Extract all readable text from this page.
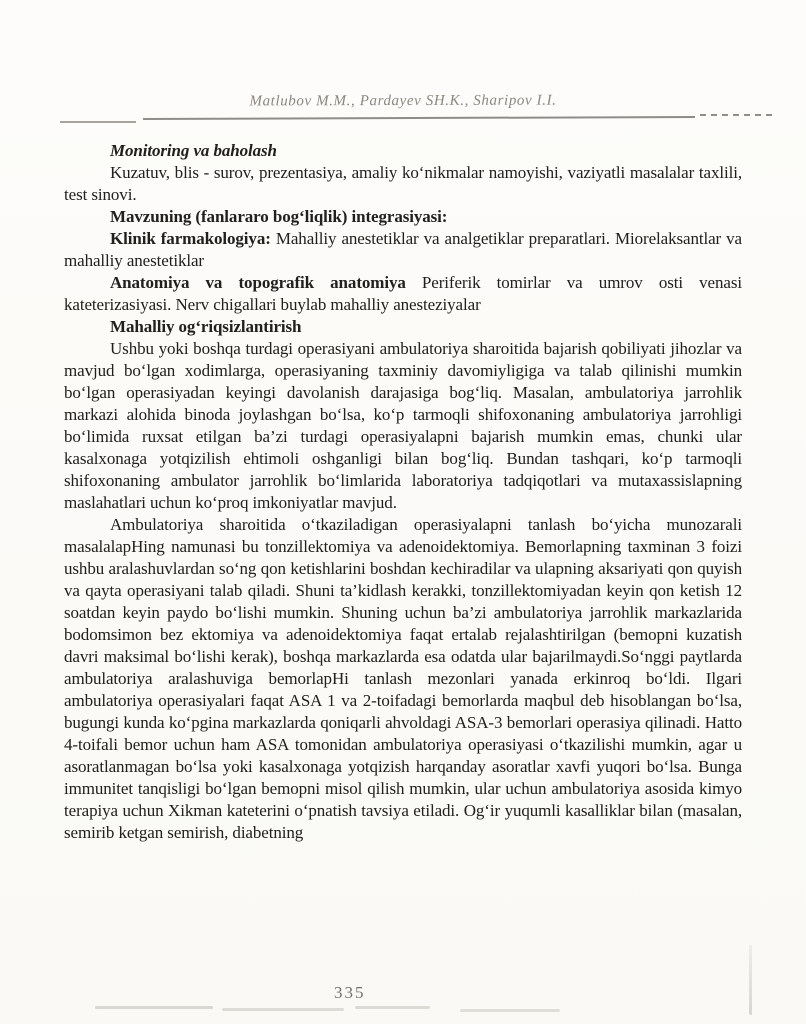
Matlubov M.M., Pardayev SH.K., Sharipov I.I.

Monitoring va baholash

Kuzatuv, blis - surov, prezentasiya, amaliy ko‘nikmalar namoyishi, vaziyatli masalalar taxlili, test sinovi.

Mavzuning (fanlararo bog‘liqlik) integrasiyasi:

Klinik farmakologiya: Mahalliy anestetiklar va analgetiklar preparatlari. Miorelaksantlar va mahalliy anestetiklar

Anatomiya va topografik anatomiya Periferik tomirlar va umrov osti venasi kateterizasiyasi. Nerv chigallari buylab mahalliy anesteziyalar

Mahalliy og‘riqsizlantirish

Ushbu yoki boshqa turdagi operasiyani ambulatoriya sharoitida bajarish qobiliyati jihozlar va mavjud bo‘lgan xodimlarga, operasiyaning taxminiy davomiyligiga va talab qilinishi mumkin bo‘lgan operasiyadan keyingi davolanish darajasiga bog‘liq. Masalan, ambulatoriya jarrohlik markazi alohida binoda joylashgan bo‘lsa, ko‘p tarmoqli shifoxonaning ambulatoriya jarrohligi bo‘limida ruxsat etilgan ba’zi turdagi operasiyalapni bajarish mumkin emas, chunki ular kasalxonaga yotqizilish ehtimoli oshganligi bilan bog‘liq. Bundan tashqari, ko‘p tarmoqli shifoxonaning ambulator jarrohlik bo‘limlarida laboratoriya tadqiqotlari va mutaxassislapning maslahatlari uchun ko‘proq imkoniyatlar mavjud.

Ambulatoriya sharoitida o‘tkaziladigan operasiyalapni tanlash bo‘yicha munozarali masalalapHing namunasi bu tonzillektomiya va adenoidektomiya. Bemorlapning taxminan 3 foizi ushbu aralashuvlardan so‘ng qon ketishlarini boshdan kechiradilar va ulapning aksariyati qon quyish va qayta operasiyani talab qiladi. Shuni ta’kidlash kerakki, tonzillektomiyadan keyin qon ketish 12 soatdan keyin paydo bo‘lishi mumkin. Shuning uchun ba’zi ambulatoriya jarrohlik markazlarida bodomsimon bez ektomiya va adenoidektomiya faqat ertalab rejalashtirilgan (bemopni kuzatish davri maksimal bo‘lishi kerak), boshqa markazlarda esa odatda ular bajarilmaydi.So‘nggi paytlarda ambulatoriya aralashuviga bemorlapHi tanlash mezonlari yanada erkinroq bo‘ldi. Ilgari ambulatoriya operasiyalari faqat ASA 1 va 2-toifadagi bemorlarda maqbul deb hisoblangan bo‘lsa, bugungi kunda ko‘pgina markazlarda qoniqarli ahvoldagi ASA-3 bemorlari operasiya qilinadi. Hatto 4-toifali bemor uchun ham ASA tomonidan ambulatoriya operasiyasi o‘tkazilishi mumkin, agar u asoratlanmagan bo‘lsa yoki kasalxonaga yotqizish harqanday asoratlar xavfi yuqori bo‘lsa. Bunga immunitet tanqisligi bo‘lgan bemopni misol qilish mumkin, ular uchun ambulatoriya asosida kimyo terapiya uchun Xikman kateterini o‘pnatish tavsiya etiladi. Og‘ir yuqumli kasalliklar bilan (masalan, semirib ketgan semirish, diabetning

335
